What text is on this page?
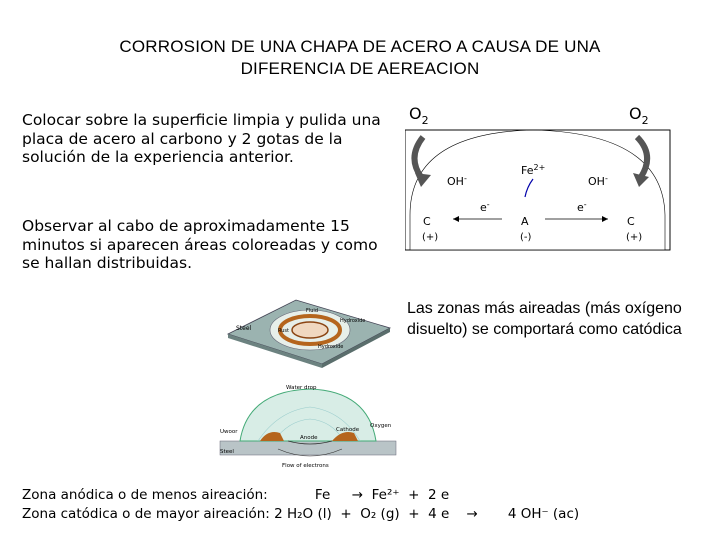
CORROSION DE UNA CHAPA DE ACERO A CAUSA DE UNA
DIFERENCIA DE AEREACION
Colocar sobre la superficie limpia y pulida una placa de acero al carbono y 2 gotas de la solución de la experiencia anterior.
Observar al cabo de aproximadamente 15 minutos si aparecen áreas coloreadas y como se hallan distribuidas.
$O_2$	$O_2$
OH-	OH-
$Fe^{2+}$
e-	e-
C
(+)
A
(-)
C
(+)
Las zonas más aireadas (más oxígeno disuelto) se comportará como catódica
Steel
Fluid
Rust
Hydroxide
Hydroxide
Water drop
Uwoor
Steel
Anode
Cathode
Oxygen
Flow of electrons
Zona anódica o de menos aireación:           Fe     →  Fe²⁺  +  2 e
Zona catódica o de mayor aireación: 2 H₂O (l)  +  O₂ (g)  +  4 e    →       4 OH⁻ (ac)
